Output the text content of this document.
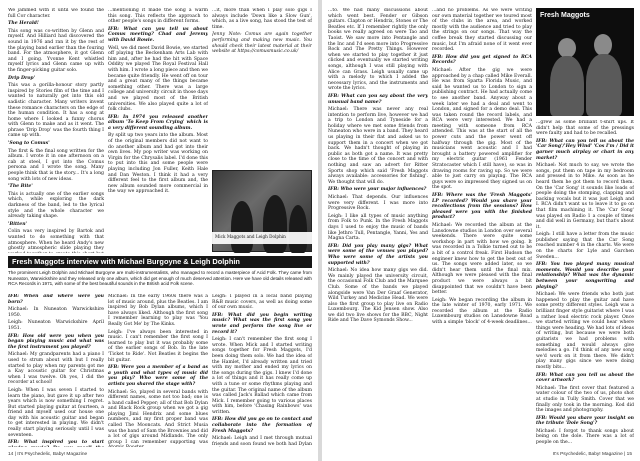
We jammed with it until we found the full Cor character.

The Herald!

This song was co-written by Glenn and myself. And Hilliard had discovered the sound in 1976 and ran it by the rest of the playing band earlier than the fouring band. For the atmosphere, it got Glenn and I going. Yvonne Kent whistled myself lyrics and Glenn came up with the finger-picking guitar solo.

Drip Drop'

This was a gorilla-honour story partly inspired by Stories film of the time and I wanted to naturally get into this old sadistic character. Many writers invent these romance characters on the edge of the human condition. It has a song at home where I looked a funny chorus with Glenn to make and as it went. The phrase 'Drip Drop' was the fourth thing I came up with.

'Song to Comus'

The first & the final song written for the album. I wrote it in one afternoon on a cab at steel, I got into the Comus persona and I wrote the song. Many people think that is the story... It's a long song with lots of new ideas.

'The Bite'

This is actually one of the earlier songs which, while exploring the dark darkness of the band, led to the lyrical style and the whole character we already taking shape.

'Bitten'

Colin was very inspired by Bartok and wanted to do something with that atmosphere. When he heard Andy's new ghostly atmospheric slide playing they

...mentioning it made the song a warm this song. This reflects the approach to other people's songs in different forms.

IFB: What can you tell us about Comus meeting? Chad and Jeremy with David Bowie.

Well, we did meet David Bowie, we started off playing the Beckenham Arts Lab with him and, after he had the hit with Space Oddity we played The Royal Festival Hall with him. I wrote a long piece and then we became quite friendly. He went off on tour and a great many of the things became something other. There was a large college and university circuit in those days and we played most of the British universities. We also played quite a lot of folk clubs.

IFB: In 1974 you released another album 'To Keep From Crying' which is a very different sounding album.

By split up two years into the album. Most of the original members did not want to do another album and had got into their own lives. My pop writer was working on Virgin for the Chrysalis label. I'd done this to put into this and some people were playing including Jon Fuller, Keith Hale and Dan Weston. I think it had a very different feel to the first album and, the new album sounded more commercial in the way we approached it.

...it, more than when I play solo gigs I always include 'Down like a Slow Gun', which, as a live song, has stood the test of time.

Jenny Note: Comus are again together performing and making new music. You should check their latest material at their website at https://comusmusic.co.uk/

Mick Maggots and Leigh Dolphin
Fresh Maggots interview with Michael Burgoyne & Leigh Dolphin
The prominent Leigh Dolphin and Michael Burgoyne are multi-instrumentalists, who managed to record a masterpiece of Acid Folk. They came from Nuneaton, Warwickshire and they released only one album, which did get enough of much deserved attention. Here we have old details released with RCA Records in 1971, with some of the best beautiful sounds in the British acid Folk scene.

IFB: When and where were you born?

Michael: In Nuneaton Warwickshire 1950.

Leigh: Nuneaton Warwickshire April 1951.

IFB: How old were you when you began playing music and what was the first instrument you played?

Michael: My grandparents had a piano I used to strum about with but I really started to play when my parents got me a Kay acoustic guitar for Christmas when I was twelve. Oh yes, I did the recorder at school!

Leigh: When I was seven I started to learn the piano, but gave it up after two years which is now something I regret. But started playing guitar at fourteen, a friend and myself used our house one day with his acoustic guitar and began to get interested in playing. We didn't really start playing seriously until I was seventeen.

IFB: What inspired you to start

Michael: In the early 1960s there was a lot of music around, plus the Beatles. I am inspired by Bob Dylan albums, which I have always liked. Although the first song I remember learning to play was 'You Really Got Me' by The Kinks.

Leigh: I've always been interested in music. I can't remember the first song I learned to play but it was probably some of the earlier songs of Bob. In the late 'Ticket to Ride'. Not Beatles it begins the bit guitar.

IFB: Were you a member of a band as a youth and what types of music did you play? Who were some of the artists you shared the stage with?

Michael: So, played in several bands with different names, some not too bad; one is a band called Pepper; all of that Bob Dylan and Black Rock group when we got a gig playing Jimi Hendrix and some blues numbers, and my first proper band was called The Mooncats. And Strict Musia was the band of Sam the Brownies and did a lot of gigs around Midlands. The only group I can remember supporting was

Leigh: I played in a local band playing R&B music covers, as well as doing some of our own music.

IFB: What did you begin writing music? What was the first song you wrote and perform the song live or record it?

Leigh: I can't remember the first song I wrote. When Mick and I started writing songs together for Fresh Maggots, I'd been doing them solo. We had the idea of the Hamlet, I'd already written and tried with my mother and ended my lyrics on the songs during the gigs. I knew I'd done a lot of things and it has really come up with a tune or some rhythms playing and the guitar. The original name of the album was called Jack's Ballad which came from Mick. I remember going to various places with him, before 'Chasing Rainbows' was written.

IFB: How did you go on to contact and collaborate into the formation of Fresh Maggots?

Michael: Leigh and I met through mutual friends and soon found we both had Dylan

14 | It's Psychedelic, Baby! Magazine

...to. We had many discussions about which went best. Fender or Gibson guitars. Clapton or Hendrix, Stones or The Beatles etc. If I remember rightly the only books we really agreed on were Tao and Taoist. We saw more into Pentangle and the Inc and I'd seen more into Progressive Rock and The Pretty Things. However when we started to play together it just clicked and eventually we started writing songs, although I was still playing with Alice can Grass. Leigh usually came up with a melody to which I added the necessary lyrics, and the instruments and wrote the lyrics.

IFB: What can you say about the very unusual band name?

Michael: There was never any real intention to perform live, however we had a trip to London and Tyneside for a holiday where we met some friends from Nuneaton who were in a band. They heard us playing in their flat and asked us to support them in a concert when we got back. We hadn't thought of playing in public as both got a name. It was pretty close to the time of the concert and with nothing and saw an advert for Ritter Sports shop which said 'Fresh Maggots always available: accessories for fishing'. We thought that will do.

IFB: Who were your major influences?

Michael: That depends. Our influences were very different. I was more into Progressive Rock.

Leigh: I like all types of music anything from Folk to Punk. In the Fresh Maggots days I used to enjoy the music of bands like Jethro Tull, Pentangle, Yanni, Yes and Magna Carta.

IFB: Did you play many gigs? What were some of the venues you played? Who were some of the artists you supported with?

Michael: No idea how many gigs we did. We mainly played the university circuit, the occasional Folk Club and the Marquee Club. Some of the bands we played alongside were Van Der Graaf Generator, Wild Turkey and Medicine Head. We were also the first group to play live on Radio Luxembourg. The Kid Jensen show. Also we did two live shows for the BBC, Night Ride and The Dave Symonds Show...

...and no problems. As we were writing our own material together we toured most of the clubs in the area, and worked mostly with the audience and tried to play the strings on our songs. That way the coffee break they started discussing our music, but I'm afraid none of it went ever recorded.

IFB: How did you get signed to RCA Records?

Michael: After the gig we were approached by a chap called Mike Everall. He was from Sparta Florida Music, and said he wanted us to London to sign a publishing contract. He had actually come to see another band. Anyway about a week later we had a deal and went to London, and signed for a demo deal. This was taken round the record labels, and RCA were very interested. We had a meeting with someone from RCA attended. This was at the start of all the power cuts and the power went off halfway through the gig. Most of the musicians went acoustic and I had brought a battery powered amplifier for my electric guitar (1961 Fender Stratocaster which I still have), so was in drawing rooms for raving up. So we were able to just carry on playing. The RCA guys were so impressed they signed us on the spot.

IFB: Where was the 'Fresh Maggots' LP recorded? Would you share your recollections from the sessions? How pleased were you with the finished product?

Michael: We recorded the album at the Lansdowne studios in London over several weekends. There were quite some workshop in part with how we going. It was recorded in a Tolkie turned out to be a bit of a control freak. First Hudson the engineer knew how to get the best out of us. The songs were added later, so we didn't hear them until the final mix. Although we were pleased with the final product we were always a bit disappointed that we couldn't have been better.

Leigh: We began recording the album in the late winter of 1970, early 1971. We recorded the album at the Radio Luxembourg studios on Lansdowne Road with a simple 'block' of 4-week deadlines...

Fresh Maggots

...grew as some brilliant t-shirt ups. It didn't help that some of the pressings were faulty and had to be recalled.

IFB: What can you tell us about the 'Car Song'/'Hey Wind' 'Cos I'm / Did it garner much airplay or chart in any market?

Michael: Not much to say, we wrote the songs, put them on tape in my bedroom and pressed in to Mike. As soon as he heard them he got them to record them. On the 'Car Song' it sounds like loads of people doing the stomping, clapping and backing vocals but it was just Leigh and I. RCA didn't want us to leave it to go on that film machining it. The 'Car Song' was played on Radio 1 a couple of times and did well in Germany, but that's about it.

Leigh: I still have a letter from the music publisher saying that the Car Song reached number 4 in the charts. We were on the charts for Lyle and Garchen Sweden...

IFB: You two played many musical moments. Would you describe your relationship? What was the dynamic between your songwriting and playing?

Michael: We were friends who both just happened to play the guitar and have some pretty different styles. Leigh was a brilliant finger style guitarist where I was a rather loud electric rock player. Once we started writing we could hear where things were heading. We had lots of ideas of writing, but because we were both guitarists we had problems with something and would always give melodies a go. I'd think of any new song we'd work on it from there. We didn't play many gigs since we were doing mostly bits...

IFB: What can you tell us about the cover artwork?

Michael: The first cover that featured a water colour of the two of us, photo shot at studio in Tully Smith. Cover that we finally only took in the morning. Kod did the images and photography.

IFB: Would you share your insight on the tribute 'Dole Song'?

Michael: I forgot to thank songs about being on the dole. There was a lot of people on the...

It's Psychedelic, Baby! Magazine | 15
